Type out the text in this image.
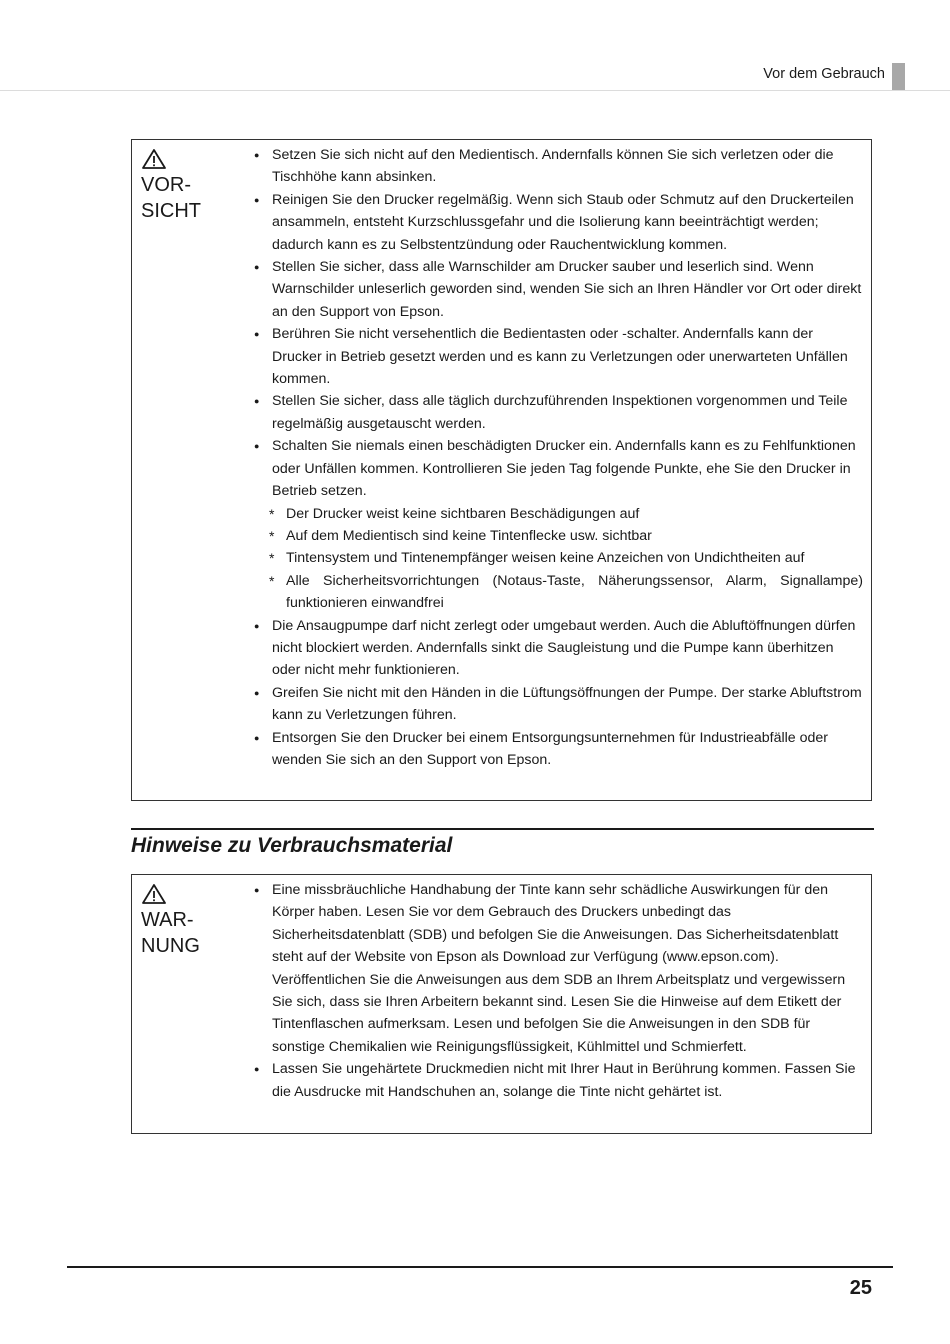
Vor dem Gebrauch
VOR-
SICHT
● Setzen Sie sich nicht auf den Medientisch. Andernfalls können Sie sich verletzen oder die Tischhöhe kann absinken.
● Reinigen Sie den Drucker regelmäßig. Wenn sich Staub oder Schmutz auf den Druckerteilen ansammeln, entsteht Kurzschlussgefahr und die Isolierung kann beeinträchtigt werden; dadurch kann es zu Selbstentzündung oder Rauchentwicklung kommen.
● Stellen Sie sicher, dass alle Warnschilder am Drucker sauber und leserlich sind. Wenn Warnschilder unleserlich geworden sind, wenden Sie sich an Ihren Händler vor Ort oder direkt an den Support von Epson.
● Berühren Sie nicht versehentlich die Bedientasten oder -schalter. Andernfalls kann der Drucker in Betrieb gesetzt werden und es kann zu Verletzungen oder unerwarteten Unfällen kommen.
● Stellen Sie sicher, dass alle täglich durchzuführenden Inspektionen vorgenommen und Teile regelmäßig ausgetauscht werden.
● Schalten Sie niemals einen beschädigten Drucker ein. Andernfalls kann es zu Fehlfunktionen oder Unfällen kommen. Kontrollieren Sie jeden Tag folgende Punkte, ehe Sie den Drucker in Betrieb setzen.
* Der Drucker weist keine sichtbaren Beschädigungen auf
* Auf dem Medientisch sind keine Tintenflecke usw. sichtbar
* Tintensystem und Tintenempfänger weisen keine Anzeichen von Undichtheiten auf
* Alle Sicherheitsvorrichtungen (Notaus-Taste, Näherungssensor, Alarm, Signallampe) funktionieren einwandfrei
● Die Ansaugpumpe darf nicht zerlegt oder umgebaut werden. Auch die Abluftöffnungen dürfen nicht blockiert werden. Andernfalls sinkt die Saugleistung und die Pumpe kann überhitzen oder nicht mehr funktionieren.
● Greifen Sie nicht mit den Händen in die Lüftungsöffnungen der Pumpe. Der starke Abluftstrom kann zu Verletzungen führen.
● Entsorgen Sie den Drucker bei einem Entsorgungsunternehmen für Industrieabfälle oder wenden Sie sich an den Support von Epson.
Hinweise zu Verbrauchsmaterial
WAR-
NUNG
● Eine missbräuchliche Handhabung der Tinte kann sehr schädliche Auswirkungen für den Körper haben. Lesen Sie vor dem Gebrauch des Druckers unbedingt das Sicherheitsdatenblatt (SDB) und befolgen Sie die Anweisungen. Das Sicherheitsdatenblatt steht auf der Website von Epson als Download zur Verfügung (www.epson.com). Veröffentlichen Sie die Anweisungen aus dem SDB an Ihrem Arbeitsplatz und vergewissern Sie sich, dass sie Ihren Arbeitern bekannt sind. Lesen Sie die Hinweise auf dem Etikett der Tintenflaschen aufmerksam. Lesen und befolgen Sie die Anweisungen in den SDB für sonstige Chemikalien wie Reinigungsflüssigkeit, Kühlmittel und Schmierfett.
● Lassen Sie ungehärtete Druckmedien nicht mit Ihrer Haut in Berührung kommen. Fassen Sie die Ausdrucke mit Handschuhen an, solange die Tinte nicht gehärtet ist.
25
